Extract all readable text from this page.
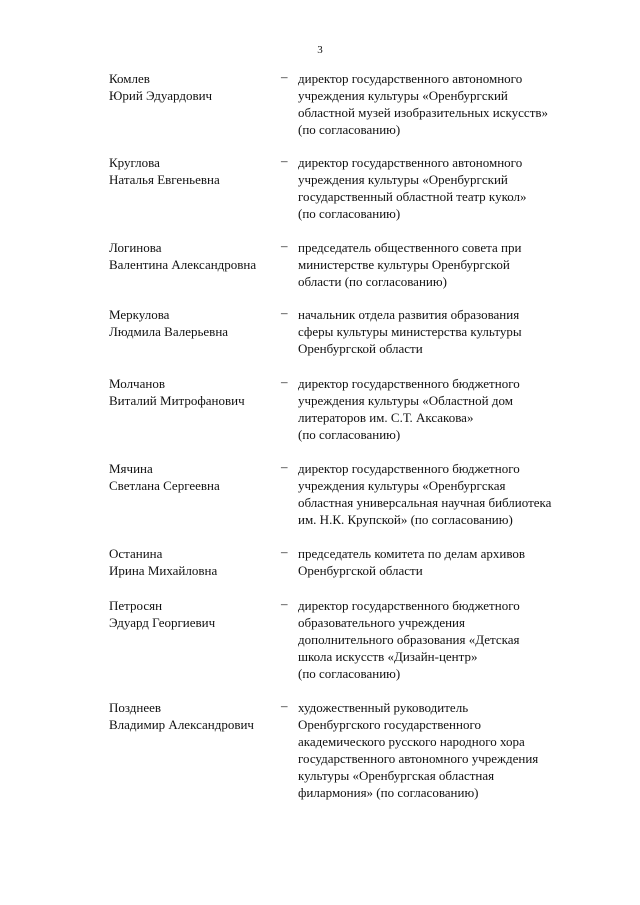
3
Комлев
Юрий Эдуардович
– директор государственного автономного
учреждения культуры «Оренбургский
областной музей изобразительных искусств»
(по согласованию)
Круглова
Наталья Евгеньевна
– директор государственного автономного
учреждения культуры «Оренбургский
государственный областной театр кукол»
(по согласованию)
Логинова
Валентина Александровна
– председатель общественного совета при
министерстве культуры Оренбургской
области (по согласованию)
Меркулова
Людмила Валерьевна
– начальник отдела развития образования
сферы культуры министерства культуры
Оренбургской области
Молчанов
Виталий Митрофанович
– директор государственного бюджетного
учреждения культуры «Областной дом
литераторов им. С.Т. Аксакова»
(по согласованию)
Мячина
Светлана Сергеевна
– директор государственного бюджетного
учреждения культуры «Оренбургская
областная универсальная научная библиотека
им. Н.К. Крупской» (по согласованию)
Останина
Ирина Михайловна
– председатель комитета по делам архивов
Оренбургской области
Петросян
Эдуард Георгиевич
– директор государственного бюджетного
образовательного учреждения
дополнительного образования «Детская
школа искусств «Дизайн-центр»
(по согласованию)
Позднеев
Владимир Александрович
– художественный руководитель
Оренбургского государственного
академического русского народного хора
государственного автономного учреждения
культуры «Оренбургская областная
филармония» (по согласованию)
